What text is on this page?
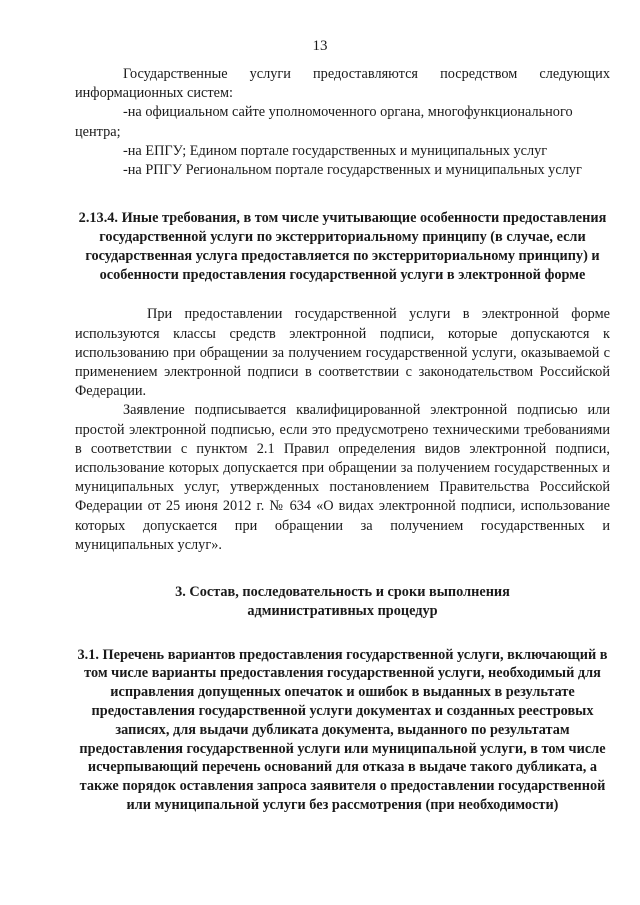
13

Государственные услуги предоставляются посредством следующих информационных систем:

-на официальном сайте уполномоченного органа, многофункционального центра;

-на ЕПГУ; Едином портале государственных и муниципальных услуг

-на РПГУ Региональном портале государственных и муниципальных услуг

2.13.4. Иные требования, в том числе учитывающие особенности предоставления государственной услуги по экстерриториальному принципу (в случае, если государственная услуга предоставляется по экстерриториальному принципу) и особенности предоставления государственной услуги в электронной форме

При предоставлении государственной услуги в электронной форме используются классы средств электронной подписи, которые допускаются к использованию при обращении за получением государственной услуги, оказываемой с применением электронной подписи в соответствии с законодательством Российской Федерации.

Заявление подписывается квалифицированной электронной подписью или простой электронной подписью, если это предусмотрено техническими требованиями в соответствии с пунктом 2.1 Правил определения видов электронной подписи, использование которых допускается при обращении за получением государственных и муниципальных услуг, утвержденных постановлением Правительства Российской Федерации от 25 июня 2012 г. № 634 «О видах электронной подписи, использование которых допускается при обращении за получением государственных и муниципальных услуг».

3. Состав, последовательность и сроки выполнения административных процедур

3.1. Перечень вариантов предоставления государственной услуги, включающий в том числе варианты предоставления государственной услуги, необходимый для исправления допущенных опечаток и ошибок в выданных в результате предоставления государственной услуги документах и созданных реестровых записях, для выдачи дубликата документа, выданного по результатам предоставления государственной услуги или муниципальной услуги, в том числе исчерпывающий перечень оснований для отказа в выдаче такого дубликата, а также порядок оставления запроса заявителя о предоставлении государственной или муниципальной услуги без рассмотрения (при необходимости)
